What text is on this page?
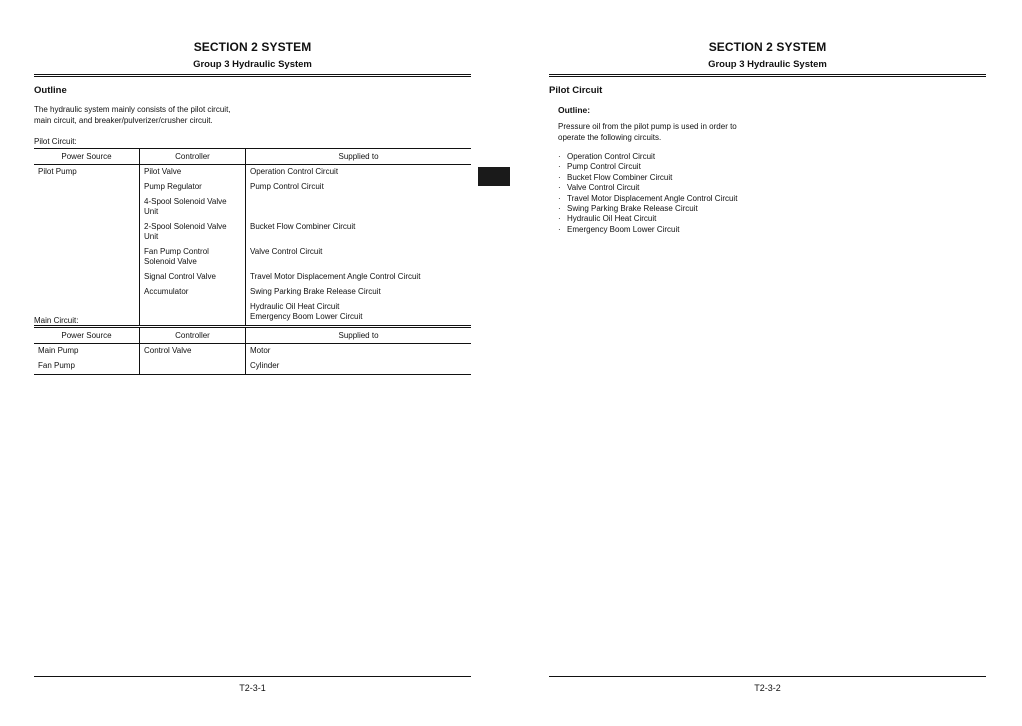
SECTION 2 SYSTEM
Group 3 Hydraulic System
Outline
The hydraulic system mainly consists of the pilot circuit,
main circuit, and breaker/pulverizer/crusher circuit.
Pilot Circuit:
Power Source	Controller	Supplied to
Pilot Pump	Pilot Valve	Operation Control Circuit
	Pump Regulator	Pump Control Circuit
	4-Spool Solenoid Valve Unit	
	2-Spool Solenoid Valve Unit	Bucket Flow Combiner Circuit
	Fan Pump Control Solenoid Valve	Valve Control Circuit
	Signal Control Valve	Travel Motor Displacement Angle Control Circuit
	Accumulator	Swing Parking Brake Release Circuit
		Hydraulic Oil Heat Circuit
Emergency Boom Lower Circuit
Main Circuit:
Power Source	Controller	Supplied to
Main Pump	Control Valve	Motor
Fan Pump		Cylinder
T2-3-1
SECTION 2 SYSTEM
Group 3 Hydraulic System
Pilot Circuit
Outline:
Pressure oil from the pilot pump is used in order to
operate the following circuits.
· Operation Control Circuit
· Pump Control Circuit
· Bucket Flow Combiner Circuit
· Valve Control Circuit
· Travel Motor Displacement Angle Control Circuit
· Swing Parking Brake Release Circuit
· Hydraulic Oil Heat Circuit
· Emergency Boom Lower Circuit
T2-3-2
